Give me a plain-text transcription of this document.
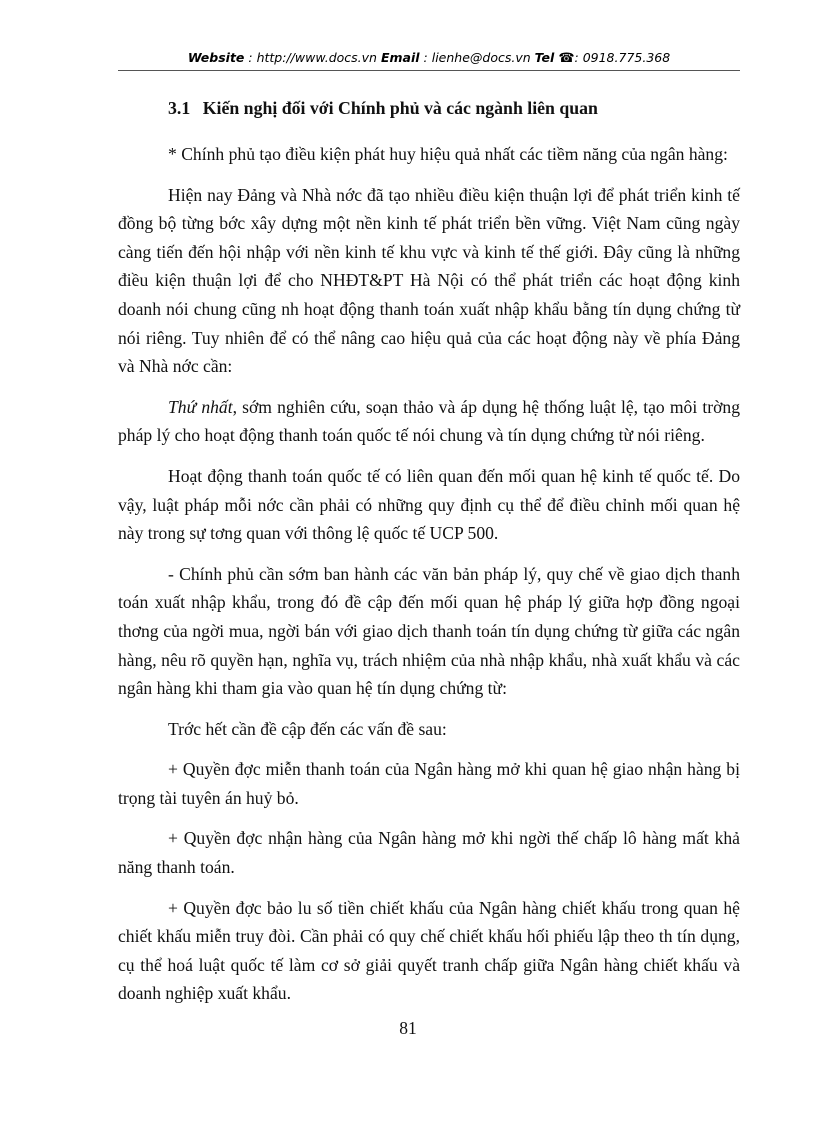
Website : http://www.docs.vn Email : lienhe@docs.vn Tel ☎: 0918.775.368
3.1 Kiến nghị đối với Chính phủ và các ngành liên quan

* Chính phủ tạo điều kiện phát huy hiệu quả nhất các tiềm năng của ngân hàng:

Hiện nay Đảng và Nhà nớc đã tạo nhiều điều kiện thuận lợi để phát triển kinh tế đồng bộ từng bớc xây dựng một nền kinh tế phát triển bền vững. Việt Nam cũng ngày càng tiến đến hội nhập với nền kinh tế khu vực và kinh tế thế giới. Đây cũng là những điều kiện thuận lợi để cho NHĐT&PT Hà Nội có thể phát triển các hoạt động kinh doanh nói chung cũng nh hoạt động thanh toán xuất nhập khẩu bằng tín dụng chứng từ nói riêng. Tuy nhiên để có thể nâng cao hiệu quả của các hoạt động này về phía Đảng và Nhà nớc cần:

Thứ nhất, sớm nghiên cứu, soạn thảo và áp dụng hệ thống luật lệ, tạo môi trờng pháp lý cho hoạt động thanh toán quốc tế nói chung và tín dụng chứng từ nói riêng.

Hoạt động thanh toán quốc tế có liên quan đến mối quan hệ kinh tế quốc tế. Do vậy, luật pháp mỗi nớc cần phải có những quy định cụ thể để điều chỉnh mối quan hệ này trong sự tơng quan với thông lệ quốc tế UCP 500.

- Chính phủ cần sớm ban hành các văn bản pháp lý, quy chế về giao dịch thanh toán xuất nhập khẩu, trong đó đề cập đến mối quan hệ pháp lý giữa hợp đồng ngoại thơng của ngời mua, ngời bán với giao dịch thanh toán tín dụng chứng từ giữa các ngân hàng, nêu rõ quyền hạn, nghĩa vụ, trách nhiệm của nhà nhập khẩu, nhà xuất khẩu và các ngân hàng khi tham gia vào quan hệ tín dụng chứng từ:

Trớc hết cần đề cập đến các vấn đề sau:

+ Quyền đợc miễn thanh toán của Ngân hàng mở khi quan hệ giao nhận hàng bị trọng tài tuyên án huỷ bỏ.

+ Quyền đợc nhận hàng của Ngân hàng mở khi ngời thế chấp lô hàng mất khả năng thanh toán.

+ Quyền đợc bảo lu số tiền chiết khấu của Ngân hàng chiết khấu trong quan hệ chiết khấu miễn truy đòi. Cần phải có quy chế chiết khấu hối phiếu lập theo th tín dụng, cụ thể hoá luật quốc tế làm cơ sở giải quyết tranh chấp giữa Ngân hàng chiết khấu và doanh nghiệp xuất khẩu.

81
